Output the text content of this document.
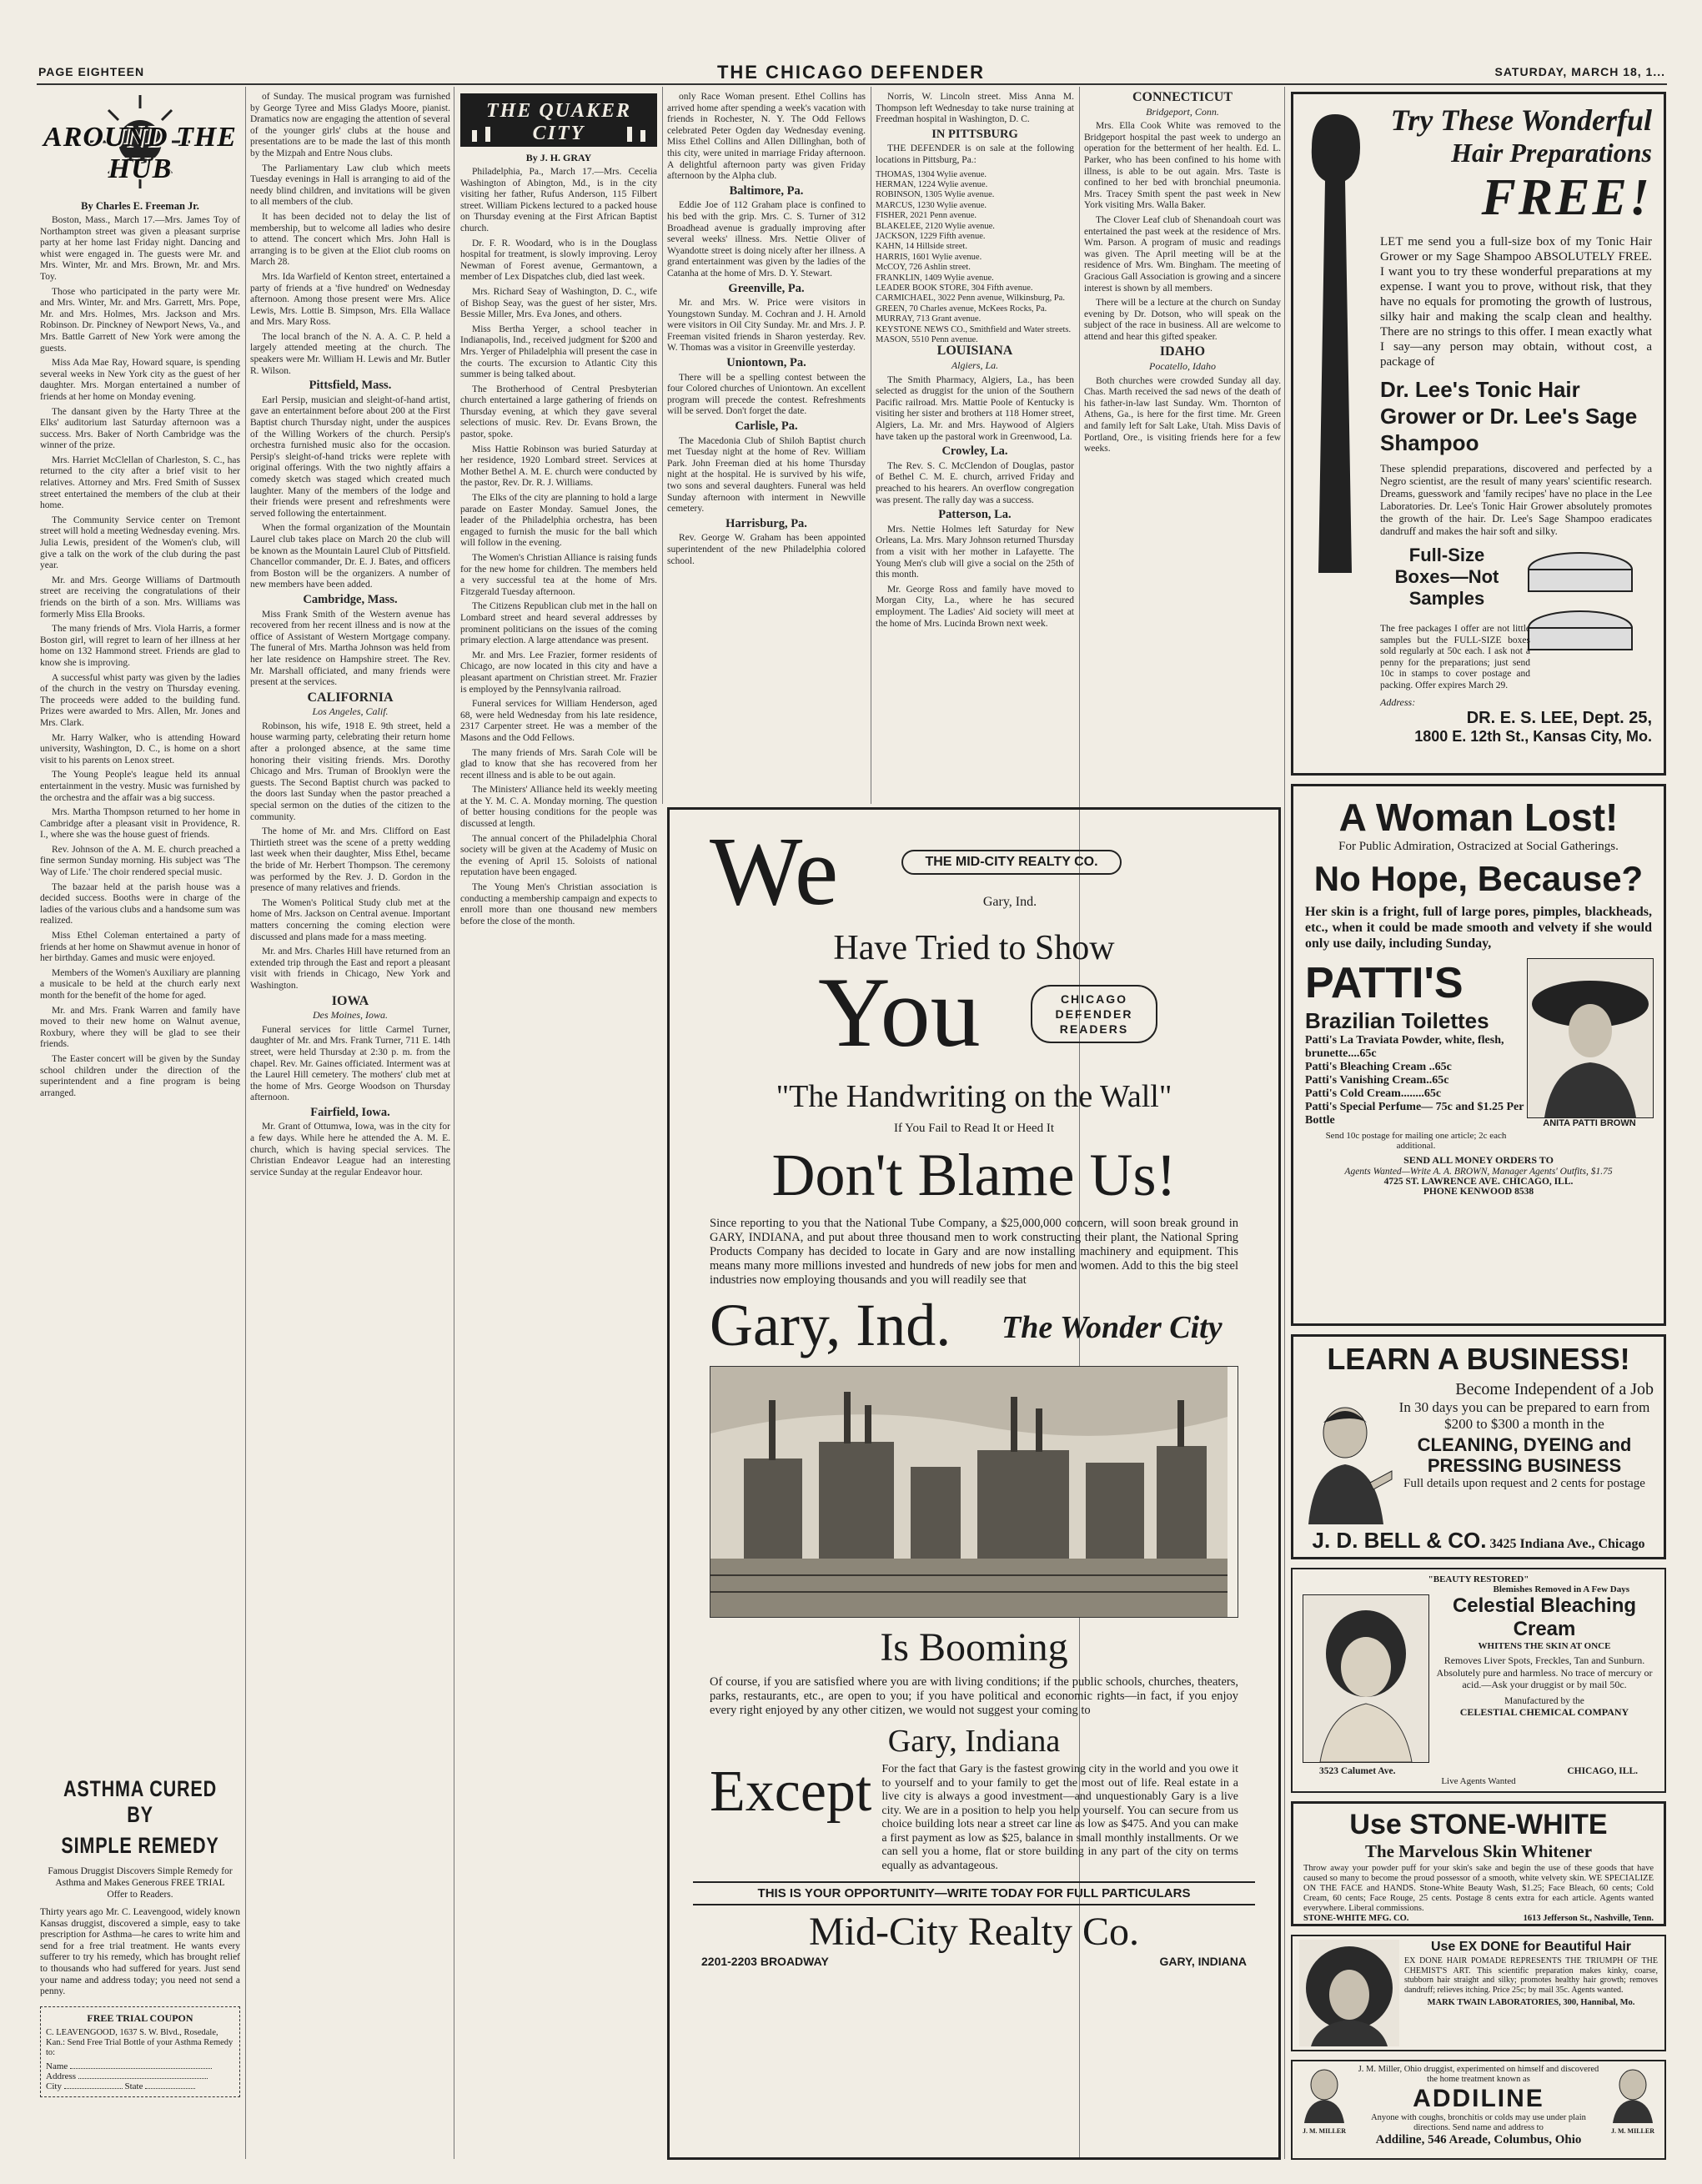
PAGE EIGHTEEN	THE CHICAGO DEFENDER	SATURDAY, MARCH 18, 1...
AROUND THE HUB
By Charles E. Freeman Jr.

Boston, Mass., March 17.—Mrs. James Toy of Northampton street was given a pleasant surprise party at her home last Friday night. Dancing and whist were engaged in. The guests were Mr. and Mrs. Winter, Mr. and Mrs. Brown, Mr. and Mrs. Toy.

Those who participated in the party were Mr. and Mrs. Winter, Mr. and Mrs. Garrett, Mrs. Pope, Mr. and Mrs. Holmes, Mrs. Jackson and Mrs. Robinson. Dr. Pinckney of Newport News, Va., and Mrs. Battle Garrett of New York were among the guests.

Miss Ada Mae Ray, Howard square, is spending several weeks in New York city as the guest of her daughter. Mrs. Morgan entertained a number of friends at her home on Monday evening.

The dansant given by the Harty Three at the Elks' auditorium last Saturday afternoon was a success. Mrs. Baker of North Cambridge was the winner of the prize.

Mrs. Harriet McClellan of Charleston, S. C., has returned to the city after a brief visit to her relatives. Attorney and Mrs. Fred Smith of Sussex street entertained the members of the club at their home.

The Community Service center on Tremont street will hold a meeting Wednesday evening. Mrs. Julia Lewis, president of the Women's club, will give a talk on the work of the club during the past year.

Mr. and Mrs. George Williams of Dartmouth street are receiving the congratulations of their friends on the birth of a son. Mrs. Williams was formerly Miss Ella Brooks.

The many friends of Mrs. Viola Harris, a former Boston girl, will regret to learn of her illness at her home on 132 Hammond street. Friends are glad to know she is improving.

A successful whist party was given by the ladies of the church in the vestry on Thursday evening. The proceeds were added to the building fund. Prizes were awarded to Mrs. Allen, Mr. Jones and Mrs. Clark.

Mr. Harry Walker, who is attending Howard university, Washington, D. C., is home on a short visit to his parents on Lenox street.

The Young People's league held its annual entertainment in the vestry. Music was furnished by the orchestra and the affair was a big success.

Mrs. Martha Thompson returned to her home in Cambridge after a pleasant visit in Providence, R. I., where she was the house guest of friends.

Rev. Johnson of the A. M. E. church preached a fine sermon Sunday morning. His subject was 'The Way of Life.' The choir rendered special music.

The bazaar held at the parish house was a decided success. Booths were in charge of the ladies of the various clubs and a handsome sum was realized.

Miss Ethel Coleman entertained a party of friends at her home on Shawmut avenue in honor of her birthday. Games and music were enjoyed.

Members of the Women's Auxiliary are planning a musicale to be held at the church early next month for the benefit of the home for aged.

Mr. and Mrs. Frank Warren and family have moved to their new home on Walnut avenue, Roxbury, where they will be glad to see their friends.

The Easter concert will be given by the Sunday school children under the direction of the superintendent and a fine program is being arranged.

ASTHMA CURED BY
SIMPLE REMEDY
Famous Druggist Discovers Simple Remedy for Asthma and Makes Generous FREE TRIAL Offer to Readers.
Thirty years ago Mr. C. Leavengood, widely known Kansas druggist, discovered a simple, easy to take prescription for Asthma—he cares to write him and send for a free trial treatment. He wants every sufferer to try his remedy, which has brought relief to thousands who had suffered for years. Just send your name and address today; you need not send a penny.
FREE TRIAL COUPON
C. LEAVENGOOD, 1637 S. W. Blvd., Rosedale, Kan.: Send Free Trial Bottle of your Asthma Remedy to:
Name
Address
City	State

of Sunday. The musical program was furnished by George Tyree and Miss Gladys Moore, pianist. Dramatics now are engaging the attention of several of the younger girls' clubs at the house and presentations are to be made the last of this month by the Mizpah and Entre Nous clubs.

The Parliamentary Law club which meets Tuesday evenings in Hall is arranging to aid of the needy blind children, and invitations will be given to all members of the club.

It has been decided not to delay the list of membership, but to welcome all ladies who desire to attend. The concert which Mrs. John Hall is arranging is to be given at the Eliot club rooms on March 28.

Mrs. Ida Warfield of Kenton street, entertained a party of friends at a 'five hundred' on Wednesday afternoon. Among those present were Mrs. Alice Lewis, Mrs. Lottie B. Simpson, Mrs. Ella Wallace and Mrs. Mary Ross.

The local branch of the N. A. A. C. P. held a largely attended meeting at the church. The speakers were Mr. William H. Lewis and Mr. Butler R. Wilson.

Pittsfield, Mass.

Earl Persip, musician and sleight-of-hand artist, gave an entertainment before about 200 at the First Baptist church Thursday night, under the auspices of the Willing Workers of the church. Persip's orchestra furnished music also for the occasion. Persip's sleight-of-hand tricks were replete with original offerings. With the two nightly affairs a comedy sketch was staged which created much laughter. Many of the members of the lodge and their friends were present and refreshments were served following the entertainment.

When the formal organization of the Mountain Laurel club takes place on March 20 the club will be known as the Mountain Laurel Club of Pittsfield. Chancellor commander, Dr. E. J. Bates, and officers from Boston will be the organizers. A number of new members have been added.

Cambridge, Mass.

Miss Frank Smith of the Western avenue has recovered from her recent illness and is now at the office of Assistant of Western Mortgage company. The funeral of Mrs. Martha Johnson was held from her late residence on Hampshire street. The Rev. Mr. Marshall officiated, and many friends were present at the services.

CALIFORNIA

Los Angeles, Calif.

Robinson, his wife, 1918 E. 9th street, held a house warming party, celebrating their return home after a prolonged absence, at the same time honoring their visiting friends. Mrs. Dorothy Chicago and Mrs. Truman of Brooklyn were the guests. The Second Baptist church was packed to the doors last Sunday when the pastor preached a special sermon on the duties of the citizen to the community.

The home of Mr. and Mrs. Clifford on East Thirtieth street was the scene of a pretty wedding last week when their daughter, Miss Ethel, became the bride of Mr. Herbert Thompson. The ceremony was performed by the Rev. J. D. Gordon in the presence of many relatives and friends.

The Women's Political Study club met at the home of Mrs. Jackson on Central avenue. Important matters concerning the coming election were discussed and plans made for a mass meeting.

Mr. and Mrs. Charles Hill have returned from an extended trip through the East and report a pleasant visit with friends in Chicago, New York and Washington.

IOWA

Des Moines, Iowa.

Funeral services for little Carmel Turner, daughter of Mr. and Mrs. Frank Turner, 711 E. 14th street, were held Thursday at 2:30 p. m. from the chapel. Rev. Mr. Gaines officiated. Interment was at the Laurel Hill cemetery. The mothers' club met at the home of Mrs. George Woodson on Thursday afternoon.

Fairfield, Iowa.

Mr. Grant of Ottumwa, Iowa, was in the city for a few days. While here he attended the A. M. E. church, which is having special services. The Christian Endeavor League had an interesting service Sunday at the regular Endeavor hour.

THE QUAKER CITY
By J. H. GRAY

Philadelphia, Pa., March 17.—Mrs. Cecelia Washington of Abington, Md., is in the city visiting her father, Rufus Anderson, 115 Filbert street. William Pickens lectured to a packed house on Thursday evening at the First African Baptist church.

Dr. F. R. Woodard, who is in the Douglass hospital for treatment, is slowly improving. Leroy Newman of Forest avenue, Germantown, a member of Lex Dispatches club, died last week.

Mrs. Richard Seay of Washington, D. C., wife of Bishop Seay, was the guest of her sister, Mrs. Bessie Miller, Mrs. Eva Jones, and others.

Miss Bertha Yerger, a school teacher in Indianapolis, Ind., received judgment for $200 and Mrs. Yerger of Philadelphia will present the case in the courts. The excursion to Atlantic City this summer is being talked about.

The Brotherhood of Central Presbyterian church entertained a large gathering of friends on Thursday evening, at which they gave several selections of music. Rev. Dr. Evans Brown, the pastor, spoke.

Miss Hattie Robinson was buried Saturday at her residence, 1920 Lombard street. Services at Mother Bethel A. M. E. church were conducted by the pastor, Rev. Dr. R. J. Williams.

The Elks of the city are planning to hold a large parade on Easter Monday. Samuel Jones, the leader of the Philadelphia orchestra, has been engaged to furnish the music for the ball which will follow in the evening.

The Women's Christian Alliance is raising funds for the new home for children. The members held a very successful tea at the home of Mrs. Fitzgerald Tuesday afternoon.

The Citizens Republican club met in the hall on Lombard street and heard several addresses by prominent politicians on the issues of the coming primary election. A large attendance was present.

Mr. and Mrs. Lee Frazier, former residents of Chicago, are now located in this city and have a pleasant apartment on Christian street. Mr. Frazier is employed by the Pennsylvania railroad.

Funeral services for William Henderson, aged 68, were held Wednesday from his late residence, 2317 Carpenter street. He was a member of the Masons and the Odd Fellows.

The many friends of Mrs. Sarah Cole will be glad to know that she has recovered from her recent illness and is able to be out again.

The Ministers' Alliance held its weekly meeting at the Y. M. C. A. Monday morning. The question of better housing conditions for the people was discussed at length.

The annual concert of the Philadelphia Choral society will be given at the Academy of Music on the evening of April 15. Soloists of national reputation have been engaged.

The Young Men's Christian association is conducting a membership campaign and expects to enroll more than one thousand new members before the close of the month.

only Race Woman present. Ethel Collins has arrived home after spending a week's vacation with friends in Rochester, N. Y. The Odd Fellows celebrated Peter Ogden day Wednesday evening. Miss Ethel Collins and Allen Dillinghan, both of this city, were united in marriage Friday afternoon. A delightful afternoon party was given Friday afternoon by the Alpha club.

Baltimore, Pa.

Eddie Joe of 112 Graham place is confined to his bed with the grip. Mrs. C. S. Turner of 312 Broadhead avenue is gradually improving after several weeks' illness. Mrs. Nettie Oliver of Wyandotte street is doing nicely after her illness. A grand entertainment was given by the ladies of the Catanha at the home of Mrs. D. Y. Stewart.

Greenville, Pa.

Mr. and Mrs. W. Price were visitors in Youngstown Sunday. M. Cochran and J. H. Arnold were visitors in Oil City Sunday. Mr. and Mrs. J. P. Freeman visited friends in Sharon yesterday. Rev. W. Thomas was a visitor in Greenville yesterday.

Uniontown, Pa.

There will be a spelling contest between the four Colored churches of Uniontown. An excellent program will precede the contest. Refreshments will be served. Don't forget the date.

Carlisle, Pa.

The Macedonia Club of Shiloh Baptist church met Tuesday night at the home of Rev. William Park. John Freeman died at his home Thursday night at the hospital. He is survived by his wife, two sons and several daughters. Funeral was held Sunday afternoon with interment in Newville cemetery.

Harrisburg, Pa.

Rev. George W. Graham has been appointed superintendent of the new Philadelphia colored school.

Norris, W. Lincoln street. Miss Anna M. Thompson left Wednesday to take nurse training at Freedman hospital in Washington, D. C.

IN PITTSBURG

THE DEFENDER is on sale at the following locations in Pittsburg, Pa.:

THOMAS, 1304 Wylie avenue.
HERMAN, 1224 Wylie avenue.
ROBINSON, 1305 Wylie avenue.
MARCUS, 1230 Wylie avenue.
FISHER, 2021 Penn avenue.
BLAKELEE, 2120 Wylie avenue.
JACKSON, 1229 Fifth avenue.
KAHN, 14 Hillside street.
HARRIS, 1601 Wylie avenue.
McCOY, 726 Ashlin street.
FRANKLIN, 1409 Wylie avenue.
LEADER BOOK STORE, 304 Fifth avenue.
CARMICHAEL, 3022 Penn avenue, Wilkinsburg, Pa.
GREEN, 70 Charles avenue, McKees Rocks, Pa.
MURRAY, 713 Grant avenue.
KEYSTONE NEWS CO., Smithfield and Water streets.
MASON, 5510 Penn avenue.

LOUISIANA

Algiers, La.

The Smith Pharmacy, Algiers, La., has been selected as druggist for the union of the Southern Pacific railroad. Mrs. Mattie Poole of Kentucky is visiting her sister and brothers at 118 Homer street, Algiers, La. Mr. and Mrs. Haywood of Algiers have taken up the pastoral work in Greenwood, La.

Crowley, La.

The Rev. S. C. McClendon of Douglas, pastor of Bethel C. M. E. church, arrived Friday and preached to his hearers. An overflow congregation was present. The rally day was a success.

Patterson, La.

Mrs. Nettie Holmes left Saturday for New Orleans, La. Mrs. Mary Johnson returned Thursday from a visit with her mother in Lafayette. The Young Men's club will give a social on the 25th of this month.

Mr. George Ross and family have moved to Morgan City, La., where he has secured employment. The Ladies' Aid society will meet at the home of Mrs. Lucinda Brown next week.

CONNECTICUT

Bridgeport, Conn.

Mrs. Ella Cook White was removed to the Bridgeport hospital the past week to undergo an operation for the betterment of her health. Ed. L. Parker, who has been confined to his home with illness, is able to be out again. Mrs. Taste is confined to her bed with bronchial pneumonia. Mrs. Tracey Smith spent the past week in New York visiting Mrs. Walla Baker.

The Clover Leaf club of Shenandoah court was entertained the past week at the residence of Mrs. Wm. Parson. A program of music and readings was given. The April meeting will be at the residence of Mrs. Wm. Bingham. The meeting of Gracious Gall Association is growing and a sincere interest is shown by all members.

There will be a lecture at the church on Sunday evening by Dr. Dotson, who will speak on the subject of the race in business. All are welcome to attend and hear this gifted speaker.

IDAHO

Pocatello, Idaho

Both churches were crowded Sunday all day. Chas. Marth received the sad news of the death of his father-in-law last Sunday. Wm. Thornton of Athens, Ga., is here for the first time. Mr. Green and family left for Salt Lake, Utah. Miss Davis of Portland, Ore., is visiting friends here for a few weeks.

We	THE MID-CITY REALTY CO.
Gary, Ind.
Have Tried to Show
You	CHICAGO DEFENDER READERS
"The Handwriting on the Wall"
If You Fail to Read It or Heed It
Don't Blame Us!
Since reporting to you that the National Tube Company, a $25,000,000 concern, will soon break ground in GARY, INDIANA, and put about three thousand men to work constructing their plant, the National Spring Products Company has decided to locate in Gary and are now installing machinery and equipment. This means many more millions invested and hundreds of new jobs for men and women. Add to this the big steel industries now employing thousands and you will readily see that
Gary, Ind. The Wonder City
Is Booming
Of course, if you are satisfied where you are with living conditions; if the public schools, churches, theaters, parks, restaurants, etc., are open to you; if you have political and economic rights—in fact, if you enjoy every right enjoyed by any other citizen, we would not suggest your coming to
Gary, Indiana
Except For the fact that Gary is the fastest growing city in the world and you owe it to yourself and to your family to get the most out of life. Real estate in a live city is always a good investment—and unquestionably Gary is a live city. We are in a position to help you help yourself. You can secure from us choice building lots near a street car line as low as $475. And you can make a first payment as low as $25, balance in small monthly installments. Or we can sell you a home, flat or store building in any part of the city on terms equally as advantageous.
THIS IS YOUR OPPORTUNITY—WRITE TODAY FOR FULL PARTICULARS
Mid-City Realty Co.
2201-2203 BROADWAY	GARY, INDIANA
Try These Wonderful
Hair Preparations
FREE!
LET me send you a full-size box of my Tonic Hair Grower or my Sage Shampoo ABSOLUTELY FREE. I want you to try these wonderful preparations at my expense. I want you to prove, without risk, that they have no equals for promoting the growth of lustrous, silky hair and making the scalp clean and healthy. There are no strings to this offer. I mean exactly what I say—any person may obtain, without cost, a package of
Dr. Lee's Tonic Hair Grower or Dr. Lee's Sage Shampoo
These splendid preparations, discovered and perfected by a Negro scientist, are the result of many years' scientific research. Dreams, guesswork and 'family recipes' have no place in the Lee Laboratories. Dr. Lee's Tonic Hair Grower absolutely promotes the growth of the hair. Dr. Lee's Sage Shampoo eradicates dandruff and makes the hair soft and silky.
Full-Size Boxes—Not Samples
The free packages I offer are not little samples but the FULL-SIZE boxes sold regularly at 50c each. I ask not a penny for the preparations; just send 10c in stamps to cover postage and packing. Offer expires March 29.
Address:
DR. E. S. LEE, Dept. 25,
1800 E. 12th St., Kansas City, Mo.
A Woman Lost!
For Public Admiration, Ostracized at Social Gatherings.
No Hope, Because?
Her skin is a fright, full of large pores, pimples, blackheads, etc., when it could be made smooth and velvety if she would only use daily, including Sunday,
PATTI'S
Brazilian Toilettes
Patti's La Traviata Powder, white, flesh, brunette....65c
Patti's Bleaching Cream ..65c
Patti's Vanishing Cream..65c
Patti's Cold Cream........65c
Patti's Special Perfume— 75c and $1.25 Per Bottle
Send 10c postage for mailing one article; 2c each additional.
ANITA PATTI BROWN
SEND ALL MONEY ORDERS TO
Agents Wanted—Write A. A. BROWN, Manager Agents' Outfits, $1.75
4725 ST. LAWRENCE AVE. CHICAGO, ILL.
PHONE KENWOOD 8538
LEARN A BUSINESS!
Become Independent of a Job
In 30 days you can be prepared to earn from $200 to $300 a month in the
CLEANING, DYEING and PRESSING BUSINESS
Full details upon request and 2 cents for postage
J. D. BELL & CO. 3425 Indiana Ave., Chicago
"BEAUTY RESTORED"
Blemishes Removed in A Few Days
Celestial Bleaching Cream
WHITENS THE SKIN AT ONCE
Removes Liver Spots, Freckles, Tan and Sunburn. Absolutely pure and harmless. No trace of mercury or acid.—Ask your druggist or by mail 50c.
Manufactured by the
CELESTIAL CHEMICAL COMPANY
3523 Calumet Ave.	CHICAGO, ILL.
Live Agents Wanted
Use STONE-WHITE
The Marvelous Skin Whitener
Throw away your powder puff for your skin's sake and begin the use of these goods that have caused so many to become the proud possessor of a smooth, white velvety skin. WE SPECIALIZE ON THE FACE and HANDS. Stone-White Beauty Wash, $1.25; Face Bleach, 60 cents; Cold Cream, 60 cents; Face Rouge, 25 cents. Postage 8 cents extra for each article. Agents wanted everywhere. Liberal commissions.
STONE-WHITE MFG. CO.	1613 Jefferson St., Nashville, Tenn.
Use EX DONE for Beautiful Hair
EX DONE HAIR POMADE REPRESENTS THE TRIUMPH OF THE CHEMIST'S ART. This scientific preparation makes kinky, coarse, stubborn hair straight and silky; promotes healthy hair growth; removes dandruff; relieves itching. Price 25c; by mail 35c. Agents wanted.
MARK TWAIN LABORATORIES, 300, Hannibal, Mo.
J. M. MILLER
J. M. Miller, Ohio druggist, experimented on himself and discovered the home treatment known as
ADDILINE
Anyone with coughs, bronchitis or colds may use under plain directions. Send name and address to
Addiline, 546 Areade, Columbus, Ohio
J. M. MILLER
